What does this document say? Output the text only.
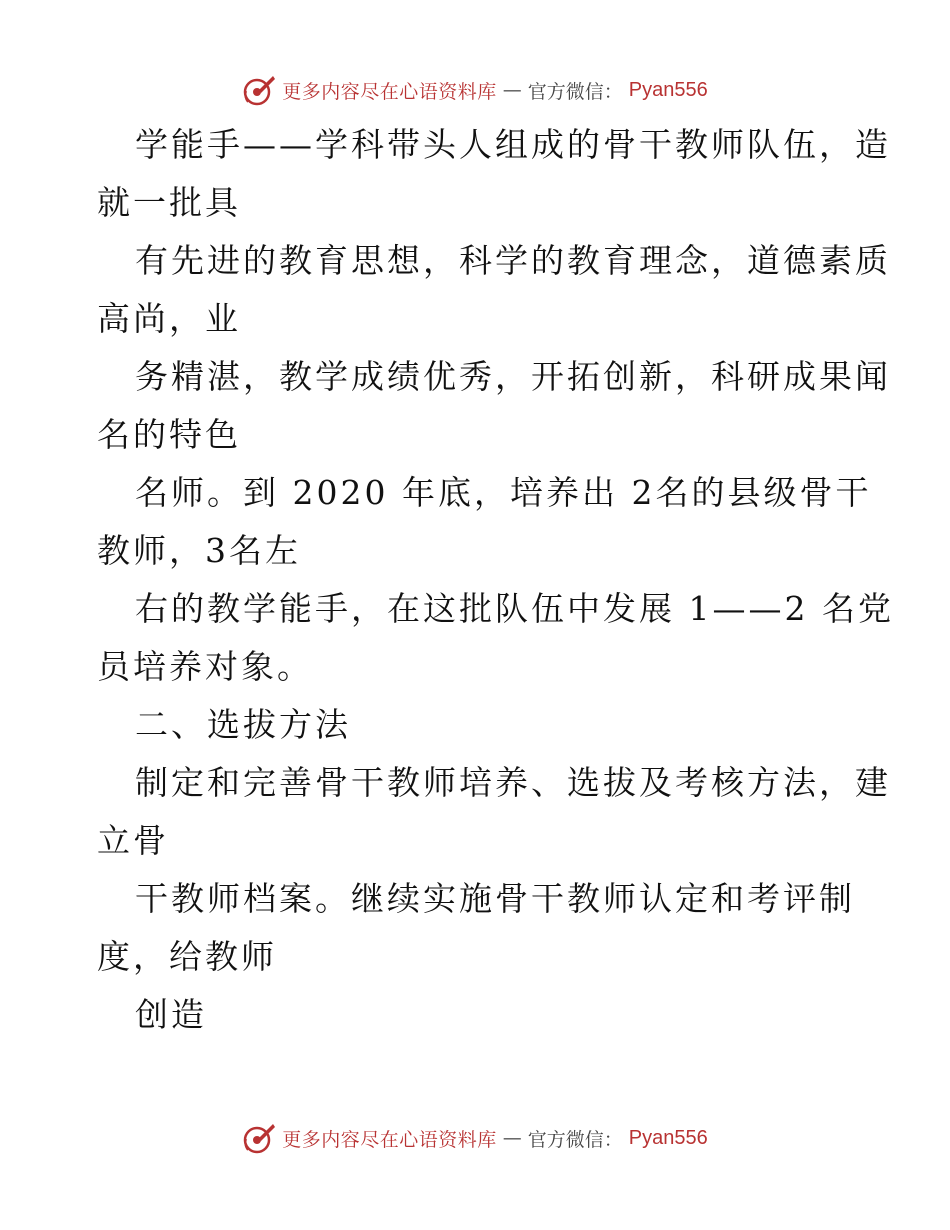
更多内容尽在心语资料库 — 官方微信： Pyan556
学能手——学科带头人组成的骨干教师队伍，造
就一批具
有先进的教育思想，科学的教育理念，道德素质
高尚，业
务精湛，教学成绩优秀，开拓创新，科研成果闻
名的特色
名师。到 2020 年底，培养出 2名的县级骨干
教师，3名左
右的教学能手，在这批队伍中发展 1——2 名党
员培养对象。
二、选拔方法
制定和完善骨干教师培养、选拔及考核方法，建
立骨
干教师档案。继续实施骨干教师认定和考评制
度，给教师
创造
更多内容尽在心语资料库 — 官方微信： Pyan556
